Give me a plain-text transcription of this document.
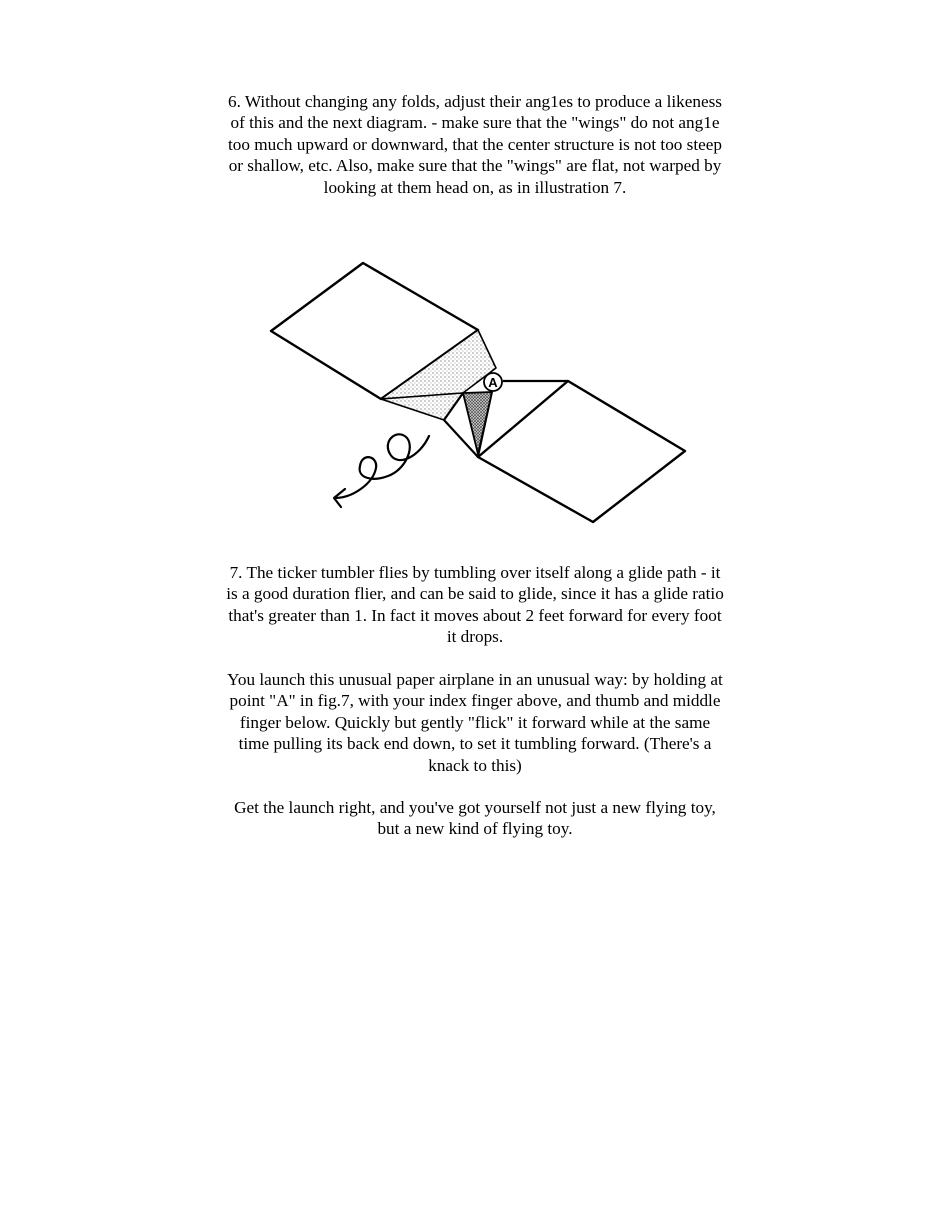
6. Without changing any folds, adjust their ang1es to produce a likeness of this and the next diagram. - make sure that the "wings" do not ang1e too much upward or downward, that the center structure is not too steep or shallow, etc. Also, make sure that the "wings" are flat, not warped by looking at them head on, as in illustration 7.

A

7. The ticker tumbler flies by tumbling over itself along a glide path - it is a good duration flier, and can be said to glide, since it has a glide ratio that's greater than 1. In fact it moves about 2 feet forward for every foot it drops.

You launch this unusual paper airplane in an unusual way: by holding at point "A" in fig.7, with your index finger above, and thumb and middle finger below. Quickly but gently "flick" it forward while at the same time pulling its back end down, to set it tumbling forward. (There's a knack to this)

Get the launch right, and you've got yourself not just a new flying toy, but a new kind of flying toy.
